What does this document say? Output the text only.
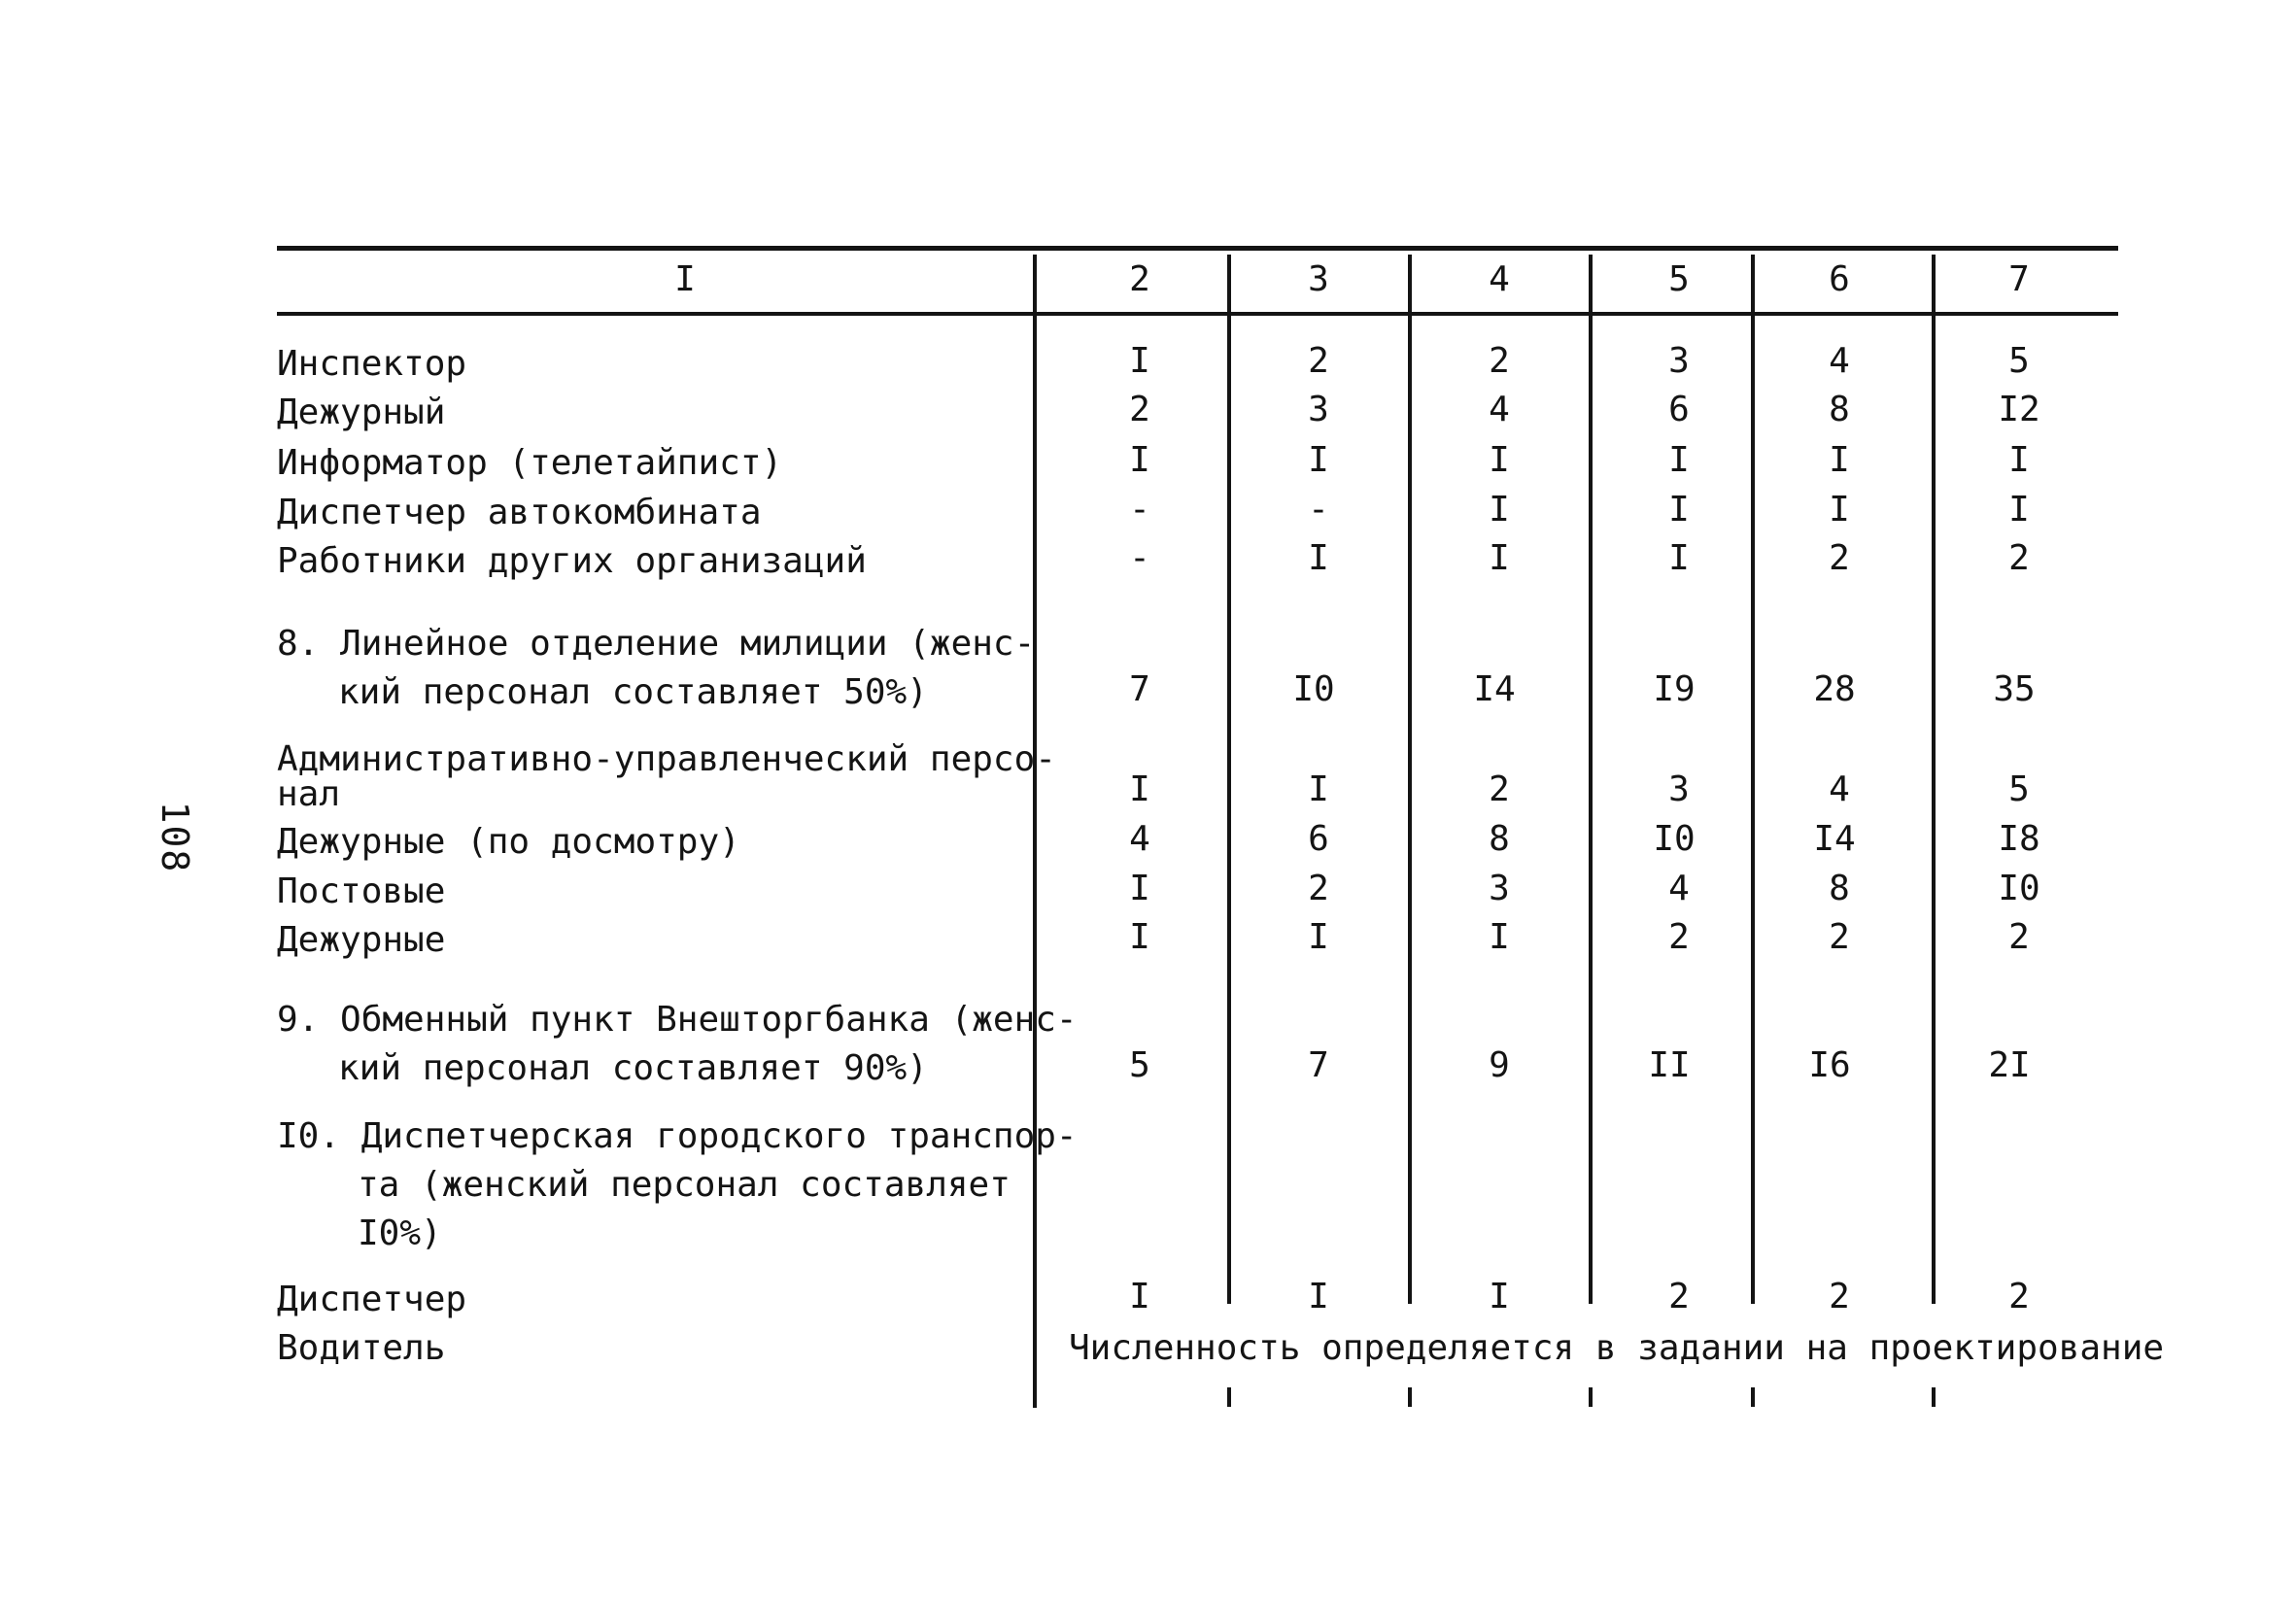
108
I	2	3	4	5	6	7
Инспектор	I	2	2	3	4	5
Дежурный	2	3	4	6	8	I2
Информатор (телетайпист)	I	I	I	I	I	I
Диспетчер автокомбината	-	-	I	I	I	I
Работники других организаций	-	I	I	I	2	2
8. Линейное отделение милиции (женс-
кий персонал составляет 50%)	7	I0	I4	I9	28	35
Административно-управленческий персо-
нал	I	I	2	3	4	5
Дежурные (по досмотру)	4	6	8	I0	I4	I8
Постовые	I	2	3	4	8	I0
Дежурные	I	I	I	2	2	2
9. Обменный пункт Внешторгбанка (женс-
кий персонал составляет 90%)	5	7	9	II	I6	2I
I0. Диспетчерская городского транспор-
та (женский персонал составляет
I0%)
Диспетчер	I	I	I	2	2	2
Водитель	Численность определяется в задании на проектирование
